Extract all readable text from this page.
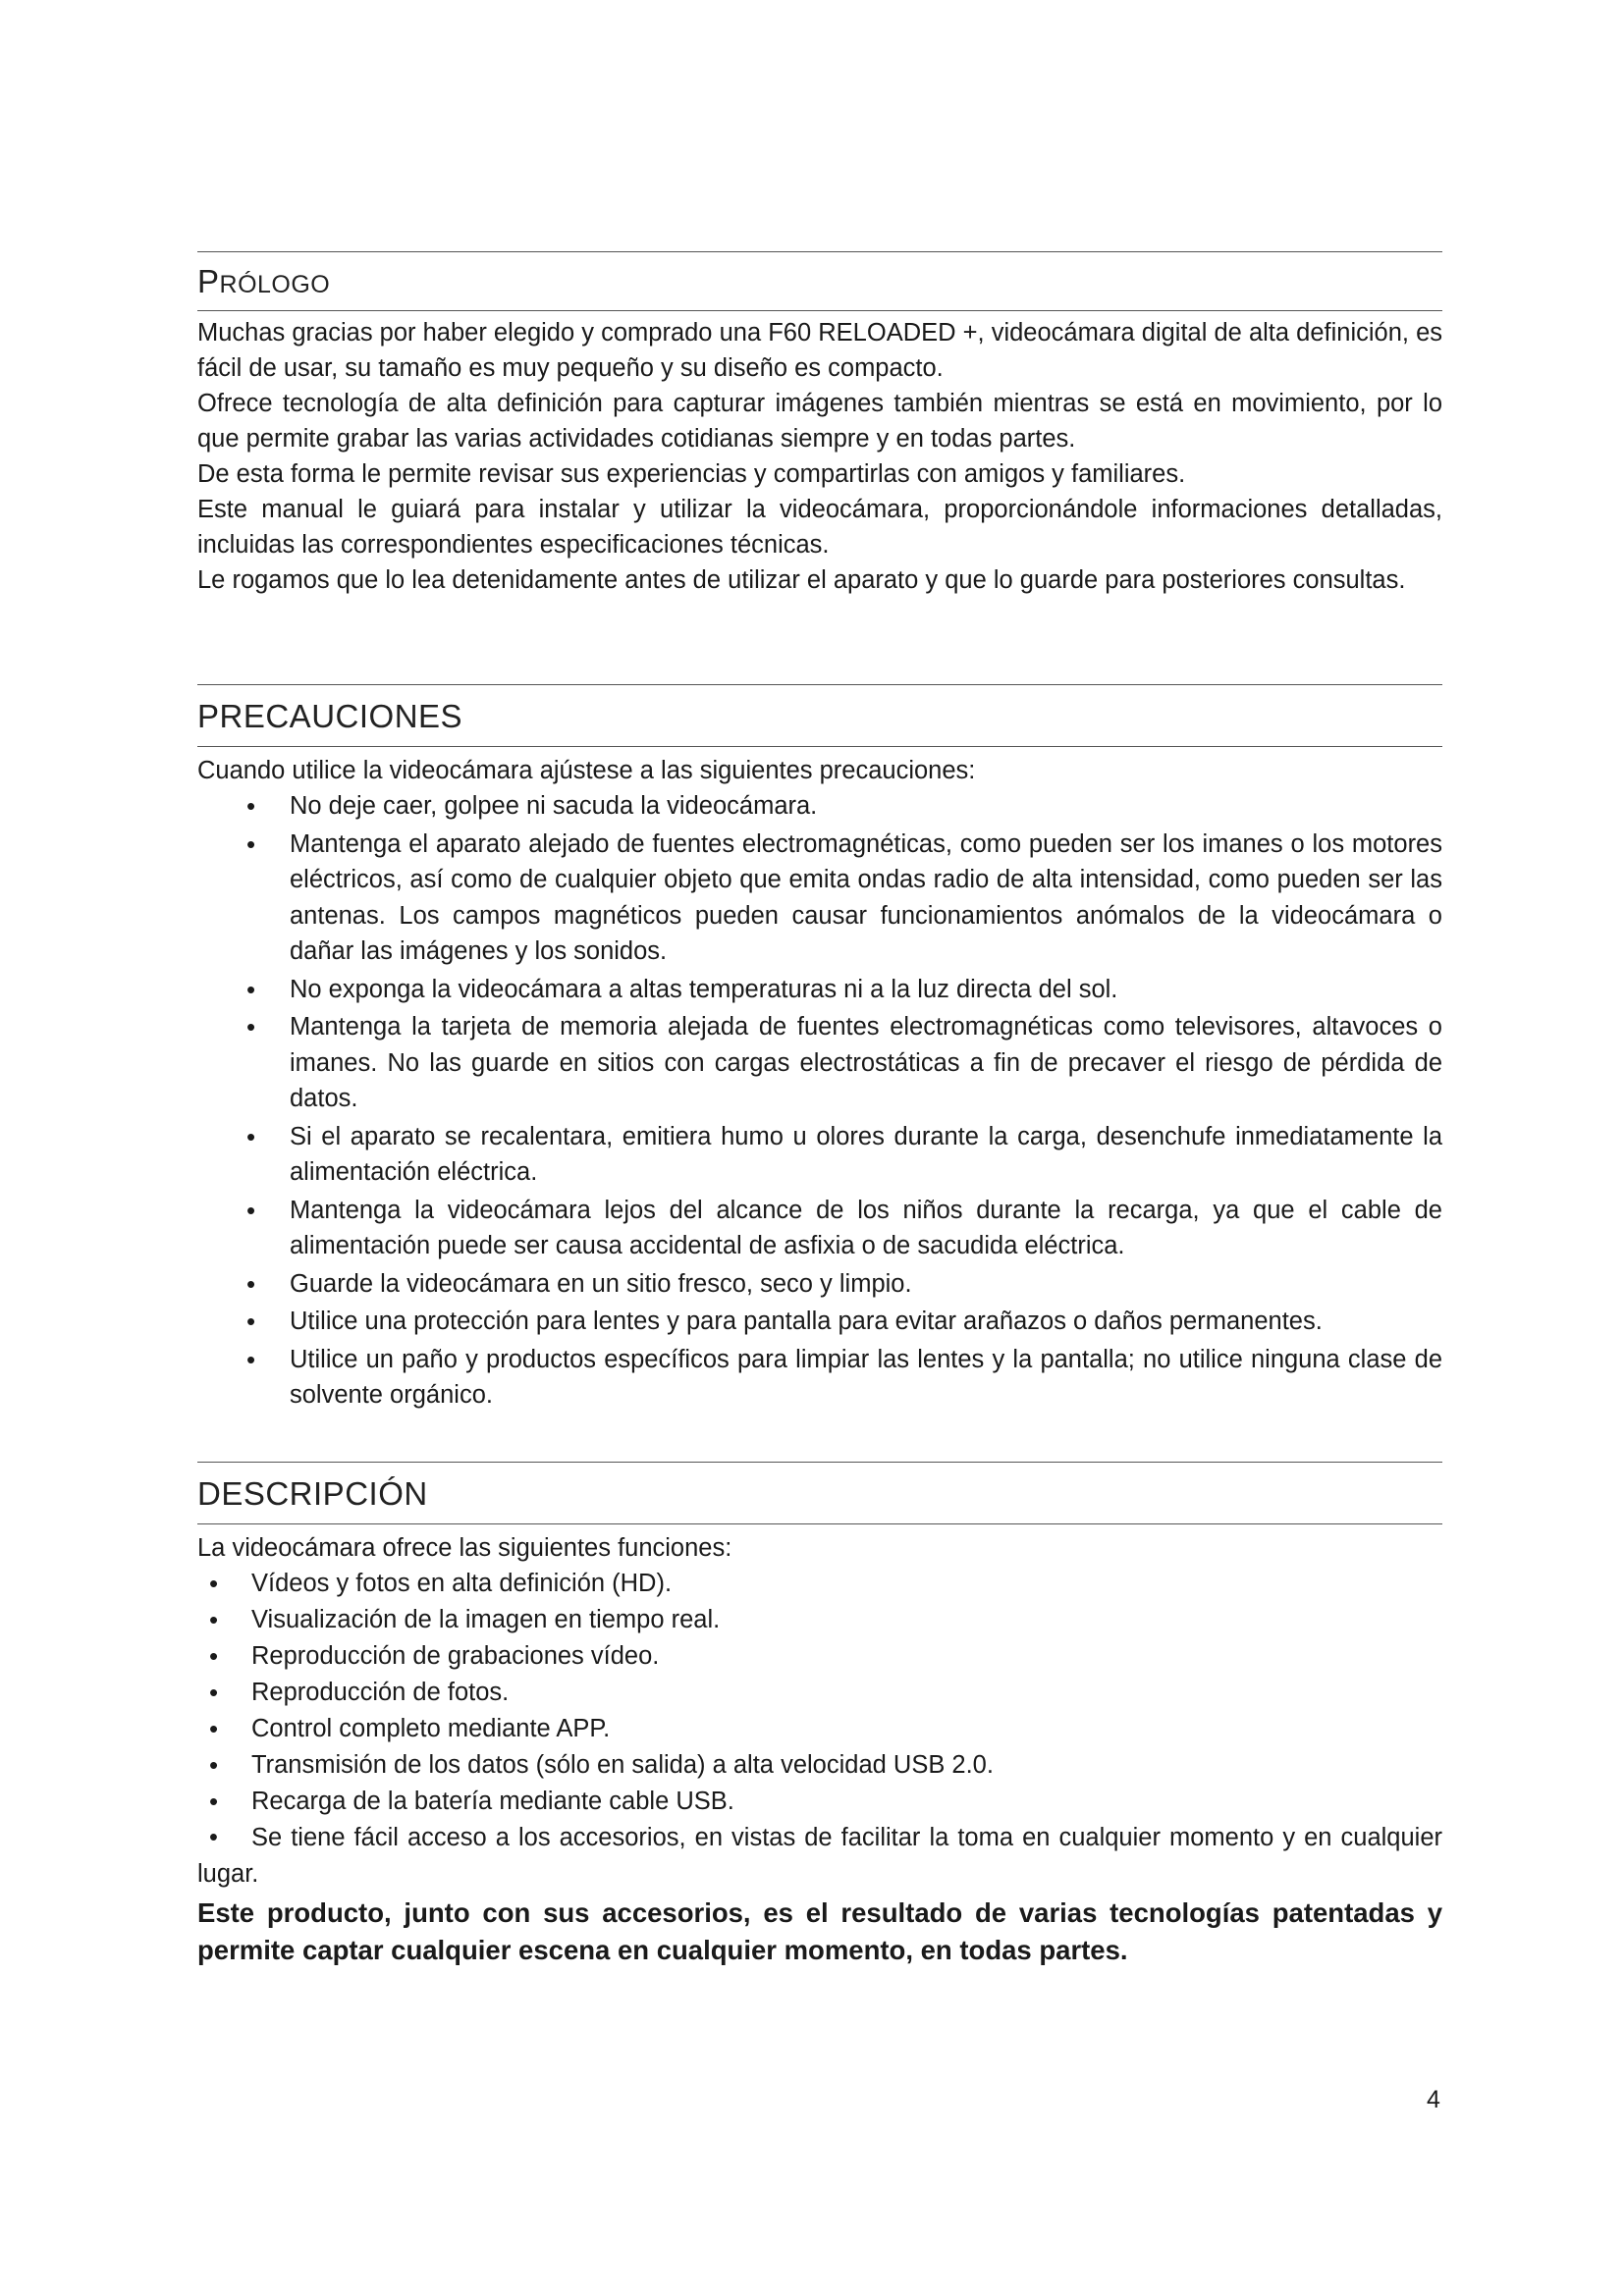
PRÓLOGO

Muchas gracias por haber elegido y comprado una F60 RELOADED +, videocámara digital de alta definición, es fácil de usar, su tamaño es muy pequeño y su diseño es compacto.

Ofrece tecnología de alta definición para capturar imágenes también mientras se está en movimiento, por lo que permite grabar las varias actividades cotidianas siempre y en todas partes.

De esta forma le permite revisar sus experiencias y compartirlas con amigos y familiares.

Este manual le guiará para instalar y utilizar la videocámara, proporcionándole informaciones detalladas, incluidas las correspondientes especificaciones técnicas.

Le rogamos que lo lea detenidamente antes de utilizar el aparato y que lo guarde para posteriores consultas.

PRECAUCIONES
Cuando utilice la videocámara ajústese a las siguientes precauciones:
• No deje caer, golpee ni sacuda la videocámara.
• Mantenga el aparato alejado de fuentes electromagnéticas, como pueden ser los imanes o los motores eléctricos, así como de cualquier objeto que emita ondas radio de alta intensidad, como pueden ser las antenas. Los campos magnéticos pueden causar funcionamientos anómalos de la videocámara o dañar las imágenes y los sonidos.
• No exponga la videocámara a altas temperaturas ni a la luz directa del sol.
• Mantenga la tarjeta de memoria alejada de fuentes electromagnéticas como televisores, altavoces o imanes. No las guarde en sitios con cargas electrostáticas a fin de precaver el riesgo de pérdida de datos.
• Si el aparato se recalentara, emitiera humo u olores durante la carga, desenchufe inmediatamente la alimentación eléctrica.
• Mantenga la videocámara lejos del alcance de los niños durante la recarga, ya que el cable de alimentación puede ser causa accidental de asfixia o de sacudida eléctrica.
• Guarde la videocámara en un sitio fresco, seco y limpio.
• Utilice una protección para lentes y para pantalla para evitar arañazos o daños permanentes.
• Utilice un paño y productos específicos para limpiar las lentes y la pantalla; no utilice ninguna clase de solvente orgánico.
DESCRIPCIÓN
La videocámara ofrece las siguientes funciones:
• Vídeos y fotos en alta definición (HD).
• Visualización de la imagen en tiempo real.
• Reproducción de grabaciones vídeo.
• Reproducción de fotos.
• Control completo mediante APP.
• Transmisión de los datos (sólo en salida) a alta velocidad USB 2.0.
• Recarga de la batería mediante cable USB.
•	Se tiene fácil acceso a los accesorios, en vistas de facilitar la toma en cualquier momento y en cualquier lugar.
Este producto, junto con sus accesorios, es el resultado de varias tecnologías patentadas y permite captar cualquier escena en cualquier momento, en todas partes.
4
